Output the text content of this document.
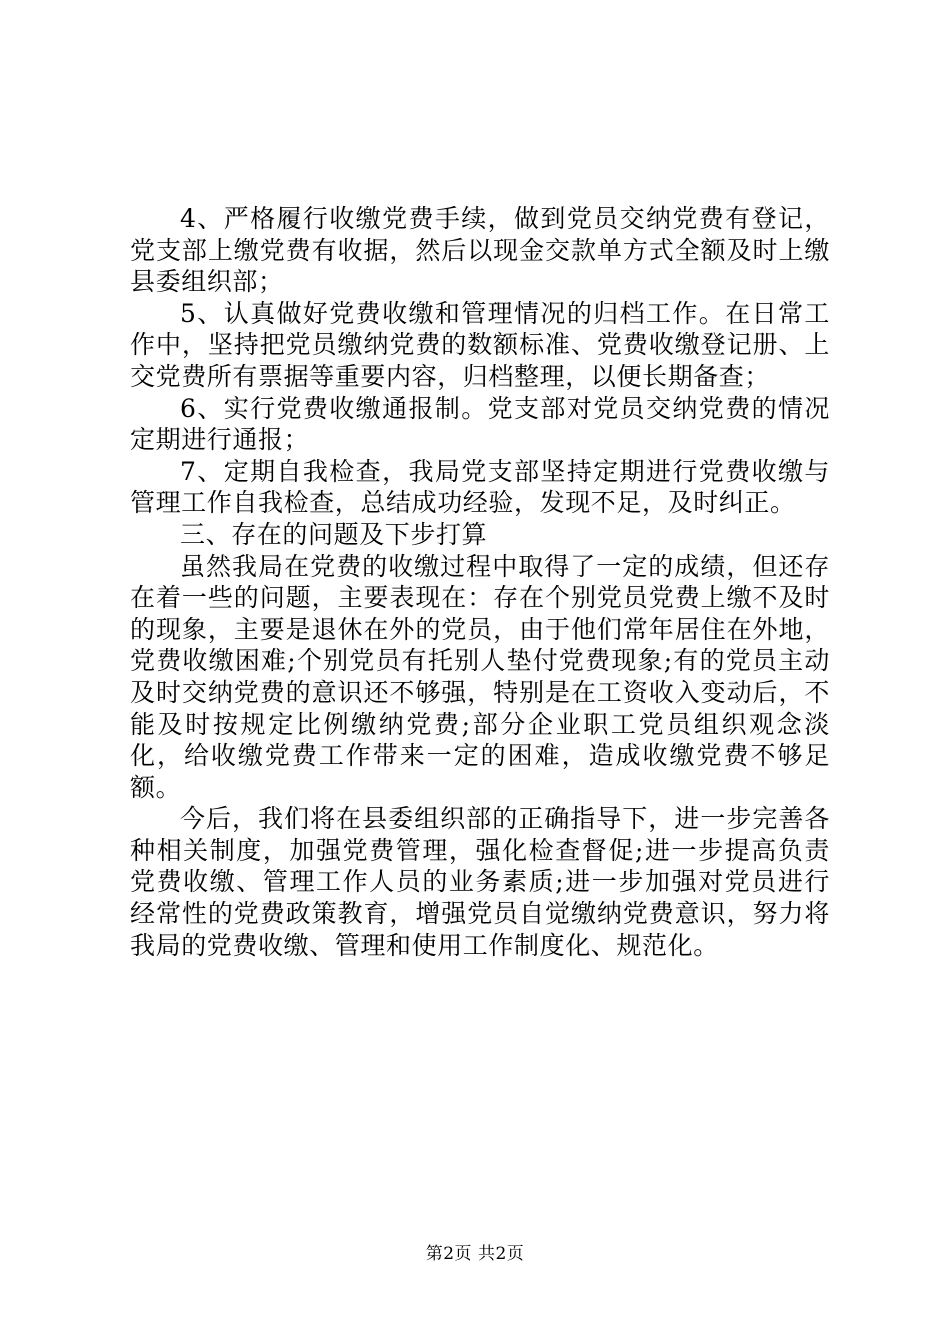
4、严格履行收缴党费手续，做到党员交纳党费有登记，党支部上缴党费有收据，然后以现金交款单方式全额及时上缴县委组织部；

5、认真做好党费收缴和管理情况的归档工作。在日常工作中，坚持把党员缴纳党费的数额标准、党费收缴登记册、上交党费所有票据等重要内容，归档整理，以便长期备查；

6、实行党费收缴通报制。党支部对党员交纳党费的情况定期进行通报；

7、定期自我检查，我局党支部坚持定期进行党费收缴与管理工作自我检查，总结成功经验，发现不足，及时纠正。

三、存在的问题及下步打算

虽然我局在党费的收缴过程中取得了一定的成绩，但还存在着一些的问题，主要表现在：存在个别党员党费上缴不及时的现象，主要是退休在外的党员，由于他们常年居住在外地，党费收缴困难;个别党员有托别人垫付党费现象;有的党员主动及时交纳党费的意识还不够强，特别是在工资收入变动后，不能及时按规定比例缴纳党费;部分企业职工党员组织观念淡化，给收缴党费工作带来一定的困难，造成收缴党费不够足额。

今后，我们将在县委组织部的正确指导下，进一步完善各种相关制度，加强党费管理，强化检查督促;进一步提高负责党费收缴、管理工作人员的业务素质;进一步加强对党员进行经常性的党费政策教育，增强党员自觉缴纳党费意识，努力将我局的党费收缴、管理和使用工作制度化、规范化。

第2页 共2页
